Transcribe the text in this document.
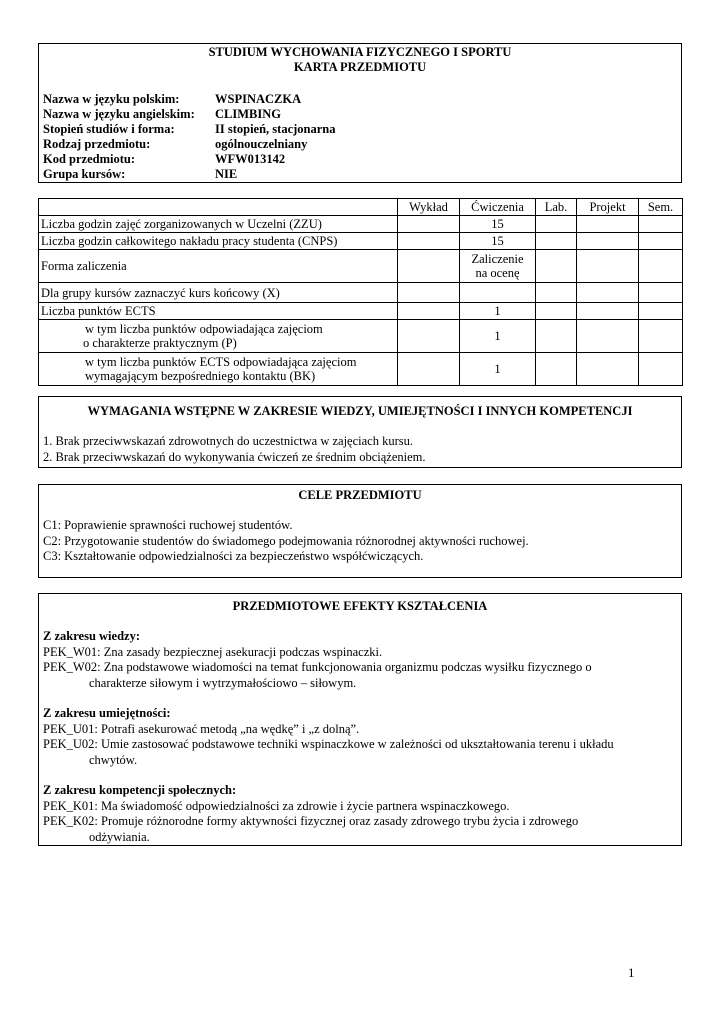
STUDIUM WYCHOWANIA FIZYCZNEGO I SPORTU
KARTA PRZEDMIOTU
Nazwa w języku polskim:	WSPINACZKA
Nazwa w języku angielskim:	CLIMBING
Stopień studiów i forma:	II stopień, stacjonarna
Rodzaj przedmiotu:	ogólnouczelniany
Kod przedmiotu:	WFW013142
Grupa kursów:	NIE
	Wykład	Ćwiczenia	Lab.	Projekt	Sem.
Liczba godzin zajęć zorganizowanych w Uczelni (ZZU)		15			
Liczba godzin całkowitego nakładu pracy studenta (CNPS)		15			
Forma zaliczenia		Zaliczenie
na ocenę			

Dla grupy kursów zaznaczyć kurs końcowy (X)					
Liczba punktów ECTS		1			

w tym liczba punktów odpowiadająca zajęciom
o charakterze praktycznym (P)		1			

w tym liczba punktów ECTS odpowiadająca zajęciom
wymagającym bezpośredniego kontaktu (BK)		1			
WYMAGANIA WSTĘPNE W ZAKRESIE WIEDZY, UMIEJĘTNOŚCI I INNYCH KOMPETENCJI
1. Brak przeciwwskazań zdrowotnych do uczestnictwa w zajęciach kursu.
2. Brak przeciwwskazań do wykonywania ćwiczeń ze średnim obciążeniem.
CELE PRZEDMIOTU
C1: Poprawienie sprawności ruchowej studentów.
C2: Przygotowanie studentów do świadomego podejmowania różnorodnej aktywności ruchowej.
C3: Kształtowanie odpowiedzialności za bezpieczeństwo współćwiczących.
PRZEDMIOTOWE EFEKTY KSZTAŁCENIA
Z zakresu wiedzy:
PEK_W01: Zna zasady bezpiecznej asekuracji podczas wspinaczki.
PEK_W02: Zna podstawowe wiadomości na temat funkcjonowania organizmu podczas wysiłku fizycznego o
charakterze siłowym i wytrzymałościowo – siłowym.
Z zakresu umiejętności:
PEK_U01: Potrafi asekurować metodą „na wędkę” i „z dolną”.
PEK_U02: Umie zastosować podstawowe techniki wspinaczkowe w zależności od ukształtowania terenu i układu
chwytów.
Z zakresu kompetencji społecznych:
PEK_K01: Ma świadomość odpowiedzialności za zdrowie i życie partnera wspinaczkowego.
PEK_K02: Promuje różnorodne formy aktywności fizycznej oraz zasady zdrowego trybu życia i zdrowego
odżywiania.
1
